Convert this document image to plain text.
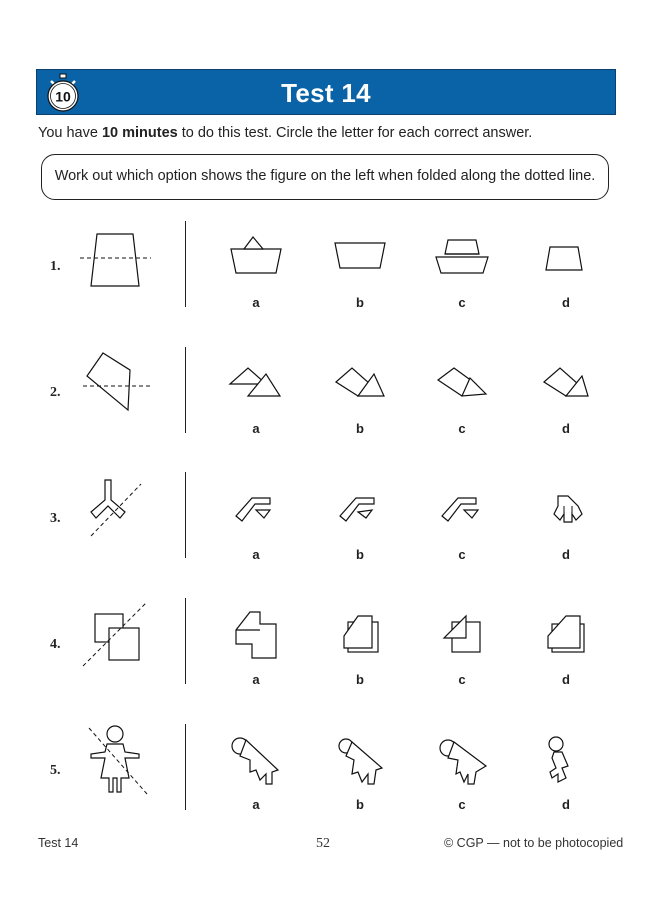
10	Test 14
You have 10 minutes to do this test. Circle the letter for each correct answer.
Work out which option shows the figure on the left when folded along the dotted line.
1.
a	b	c	d
2.
a	b	c	d
3.
a	b	c	d
4.
a	b	c	d
5.
a	b	c	d
Test 14	52	© CGP — not to be photocopied
